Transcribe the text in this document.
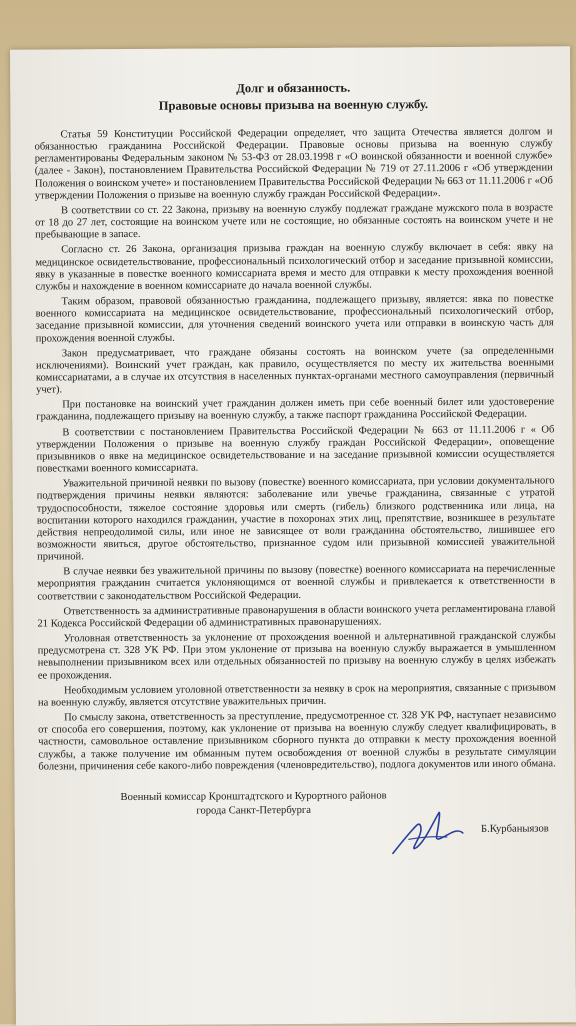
Долг и обязанность.

Правовые основы призыва на военную службу.

Статья 59 Конституции Российской Федерации определяет, что защита Отечества является долгом и обязанностью гражданина Российской Федерации. Правовые основы призыва на военную службу регламентированы Федеральным законом № 53-ФЗ от 28.03.1998 г «О воинской обязанности и военной службе» (далее - Закон), постановлением Правительства Российской Федерации № 719 от 27.11.2006 г «Об утверждении Положения о воинском учете» и постановлением Правительства Российской Федерации № 663 от 11.11.2006 г «Об утверждении Положения о призыве на военную службу граждан Российской Федерации».

В соответствии со ст. 22 Закона, призыву на военную службу подлежат граждане мужского пола в возрасте от 18 до 27 лет, состоящие на воинском учете или не состоящие, но обязанные состоять на воинском учете и не пребывающие в запасе.

Согласно ст. 26 Закона, организация призыва граждан на военную службу включает в себя: явку на медицинское освидетельствование, профессиональный психологический отбор и заседание призывной комиссии, явку в указанные в повестке военного комиссариата время и место для отправки к месту прохождения военной службы и нахождение в военном комиссариате до начала военной службы.

Таким образом, правовой обязанностью гражданина, подлежащего призыву, является: явка по повестке военного комиссариата на медицинское освидетельствование, профессиональный психологический отбор, заседание призывной комиссии, для уточнения сведений воинского учета или отправки в воинскую часть для прохождения военной службы.

Закон предусматривает, что граждане обязаны состоять на воинском учете (за определенными исключениями). Воинский учет граждан, как правило, осуществляется по месту их жительства военными комиссариатами, а в случае их отсутствия в населенных пунктах-органами местного самоуправления (первичный учет).

При постановке на воинский учет гражданин должен иметь при себе военный билет или удостоверение гражданина, подлежащего призыву на военную службу, а также паспорт гражданина Российской Федерации.

В соответствии с постановлением Правительства Российской Федерации № 663 от 11.11.2006 г « Об утверждении Положения о призыве на военную службу граждан Российской Федерации», оповещение призывников о явке на медицинское освидетельствование и на заседание призывной комиссии осуществляется повестками военного комиссариата.

Уважительной причиной неявки по вызову (повестке) военного комиссариата, при условии документального подтверждения причины неявки являются: заболевание или увечье гражданина, связанные с утратой трудоспособности, тяжелое состояние здоровья или смерть (гибель) близкого родственника или лица, на воспитании которого находился гражданин, участие в похоронах этих лиц, препятствие, возникшее в результате действия непреодолимой силы, или иное не зависящее от воли гражданина обстоятельство, лишившее его возможности явиться, другое обстоятельство, признанное судом или призывной комиссией уважительной причиной.

В случае неявки без уважительной причины по вызову (повестке) военного комиссариата на перечисленные мероприятия гражданин считается уклоняющимся от военной службы и привлекается к ответственности в соответствии с законодательством Российской Федерации.

Ответственность за административные правонарушения в области воинского учета регламентирована главой 21 Кодекса Российской Федерации об административных правонарушениях.

Уголовная ответственность за уклонение от прохождения военной и альтернативной гражданской службы предусмотрена ст. 328 УК РФ. При этом уклонение от призыва на военную службу выражается в умышленном невыполнении призывником всех или отдельных обязанностей по призыву на военную службу в целях избежать ее прохождения.

Необходимым условием уголовной ответственности за неявку в срок на мероприятия, связанные с призывом на военную службу, является отсутствие уважительных причин.

По смыслу закона, ответственность за преступление, предусмотренное ст. 328 УК РФ, наступает независимо от способа его совершения, поэтому, как уклонение от призыва на военную службу следует квалифицировать, в частности, самовольное оставление призывником сборного пункта до отправки к месту прохождения военной службы, а также получение им обманным путем освобождения от военной службы в результате симуляции болезни, причинения себе какого-либо повреждения (членовредительство), подлога документов или иного обмана.

Военный комиссар Кронштадтского и Курортного районов

города Санкт-Петербурга

Б.Курбаныязов
